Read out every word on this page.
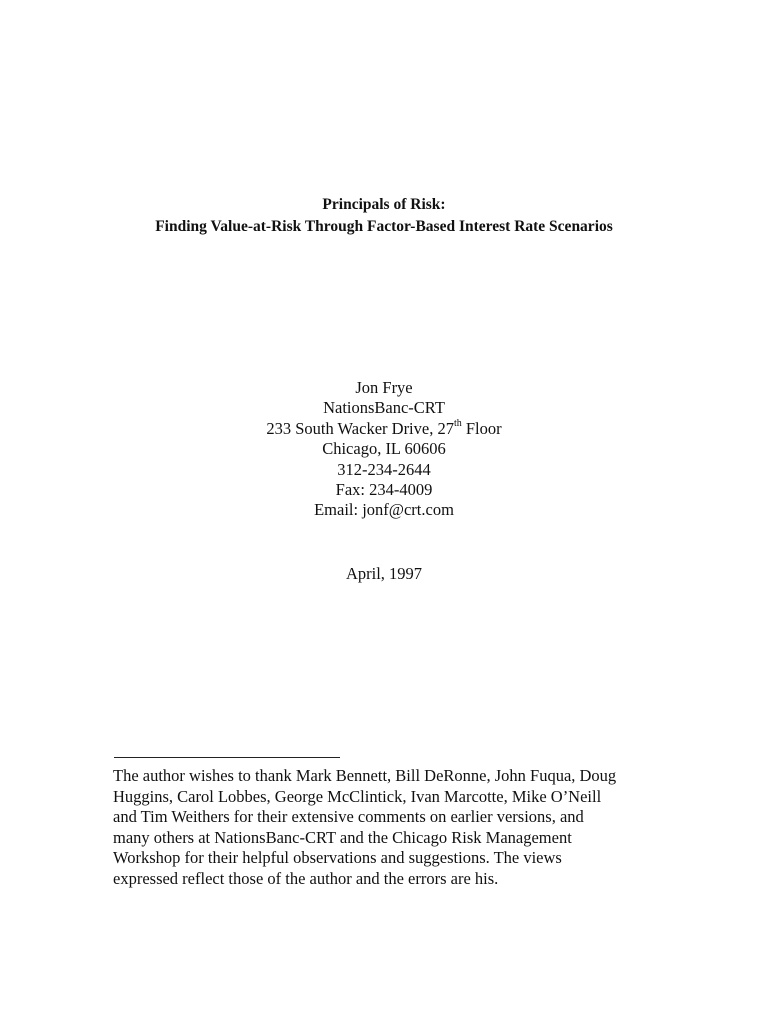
Principals of Risk:
Finding Value-at-Risk Through Factor-Based Interest Rate Scenarios
Jon Frye
NationsBanc-CRT
233 South Wacker Drive, 27th Floor
Chicago, IL 60606
312-234-2644
Fax: 234-4009
Email: jonf@crt.com
April, 1997
The author wishes to thank Mark Bennett, Bill DeRonne, John Fuqua, Doug
Huggins, Carol Lobbes, George McClintick, Ivan Marcotte, Mike O’Neill
and Tim Weithers for their extensive comments on earlier versions, and
many others at NationsBanc-CRT and the Chicago Risk Management
Workshop for their helpful observations and suggestions. The views
expressed reflect those of the author and the errors are his.
